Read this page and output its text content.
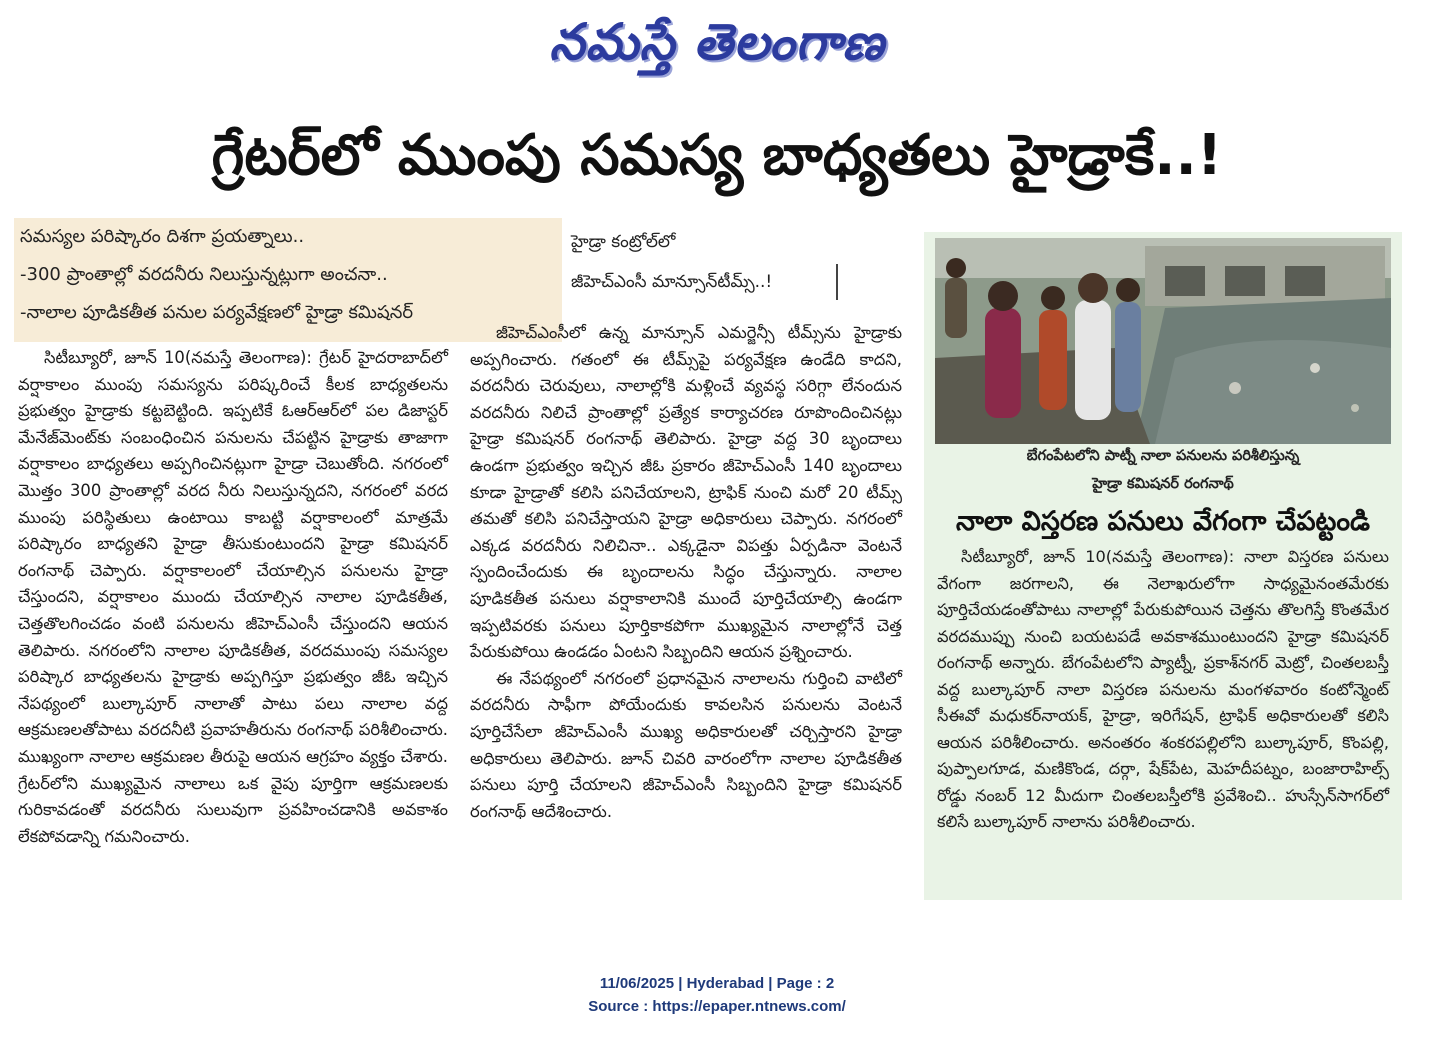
నమస్తే తెలంగాణ
గ్రేటర్‌లో ముంపు సమస్య బాధ్యతలు హైడ్రాకే..!
సమస్యల పరిష్కారం దిశగా ప్రయత్నాలు..
-300 ప్రాంతాల్లో వరదనీరు నిలుస్తున్నట్లుగా అంచనా..
-నాలాల పూడికతీత పనుల పర్యవేక్షణలో హైడ్రా కమిషనర్
హైడ్రా కంట్రోల్‌లో
జీహెచ్‌ఎంసీ మాన్సూన్‌టీమ్స్..!

సిటీబ్యూరో, జూన్ 10(నమస్తే తెలంగాణ): గ్రేటర్ హైదరాబాద్‌లో వర్షాకాలం ముంపు సమస్యను పరిష్కరించే కీలక బాధ్యతలను ప్రభుత్వం హైడ్రాకు కట్టబెట్టింది. ఇప్పటికే ఓఆర్ఆర్‌లో పల డిజాస్టర్ మేనేజ్‌మెంట్‌కు సంబంధించిన పనులను చేపట్టిన హైడ్రాకు తాజాగా వర్షాకాలం బాధ్యతలు అప్పగించినట్లుగా హైడ్రా చెబుతోంది. నగరంలో మొత్తం 300 ప్రాంతాల్లో వరద నీరు నిలుస్తున్నదని, నగరంలో వరద ముంపు పరిస్థితులు ఉంటాయి కాబట్టి వర్షాకాలంలో మాత్రమే పరిష్కారం బాధ్యతని హైడ్రా తీసుకుంటుందని హైడ్రా కమిషనర్ రంగనాథ్ చెప్పారు. వర్షాకాలంలో చేయాల్సిన పనులను హైడ్రా చేస్తుందని, వర్షాకాలం ముందు చేయాల్సిన నాలాల పూడికతీత, చెత్తతొలగించడం వంటి పనులను జీహెచ్‌ఎంసీ చేస్తుందని ఆయన తెలిపారు. నగరంలోని నాలాల పూడికతీత, వరదముంపు సమస్యల పరిష్కార బాధ్యతలను హైడ్రాకు అప్పగిస్తూ ప్రభుత్వం జీఓ ఇచ్చిన నేపథ్యంలో బుల్కాపూర్ నాలాతో పాటు పలు నాలాల వద్ద ఆక్రమణలతోపాటు వరదనీటి ప్రవాహతీరును రంగనాథ్ పరిశీలించారు. ముఖ్యంగా నాలాల ఆక్రమణల తీరుపై ఆయన ఆగ్రహం వ్యక్తం చేశారు. గ్రేటర్‌లోని ముఖ్యమైన నాలాలు ఒక వైపు పూర్తిగా ఆక్రమణలకు గురికావడంతో వరదనీరు సులువుగా ప్రవహించడానికి అవకాశం లేకపోవడాన్ని గమనించారు.

జీహెచ్‌ఎంసీలో ఉన్న మాన్సూన్ ఎమర్జెన్సీ టీమ్స్‌ను హైడ్రాకు అప్పగించారు. గతంలో ఈ టీమ్స్‌పై పర్యవేక్షణ ఉండేది కాదని, వరదనీరు చెరువులు, నాలాల్లోకి మళ్లించే వ్యవస్థ సరిగ్గా లేనందున వరదనీరు నిలిచే ప్రాంతాల్లో ప్రత్యేక కార్యాచరణ రూపొందించినట్లు హైడ్రా కమిషనర్ రంగనాథ్ తెలిపారు. హైడ్రా వద్ద 30 బృందాలు ఉండగా ప్రభుత్వం ఇచ్చిన జీఓ ప్రకారం జీహెచ్‌ఎంసీ 140 బృందాలు కూడా హైడ్రాతో కలిసి పనిచేయాలని, ట్రాఫిక్ నుంచి మరో 20 టీమ్స్ తమతో కలిసి పనిచేస్తాయని హైడ్రా అధికారులు చెప్పారు. నగరంలో ఎక్కడ వరదనీరు నిలిచినా.. ఎక్కడైనా విపత్తు ఏర్పడినా వెంటనే స్పందించేందుకు ఈ బృందాలను సిద్ధం చేస్తున్నారు. నాలాల పూడికతీత పనులు వర్షాకాలానికి ముందే పూర్తిచేయాల్సి ఉండగా ఇప్పటివరకు పనులు పూర్తికాకపోగా ముఖ్యమైన నాలాల్లోనే చెత్త పేరుకుపోయి ఉండడం ఏంటని సిబ్బందిని ఆయన ప్రశ్నించారు.

ఈ నేపథ్యంలో నగరంలో ప్రధానమైన నాలాలను గుర్తించి వాటిలో వరదనీరు సాఫీగా పోయేందుకు కావలసిన పనులను వెంటనే పూర్తిచేసేలా జీహెచ్‌ఎంసీ ముఖ్య అధికారులతో చర్చిస్తారని హైడ్రా అధికారులు తెలిపారు. జూన్ చివరి వారంలోగా నాలాల పూడికతీత పనులు పూర్తి చేయాలని జీహెచ్‌ఎంసీ సిబ్బందిని హైడ్రా కమిషనర్ రంగనాథ్ ఆదేశించారు.

బేగంపేటలోని పాట్నీ నాలా పనులను పరిశీలిస్తున్న
హైడ్రా కమిషనర్ రంగనాథ్
నాలా విస్తరణ పనులు వేగంగా చేపట్టండి

సిటీబ్యూరో, జూన్ 10(నమస్తే తెలంగాణ): నాలా విస్తరణ పనులు వేగంగా జరగాలని, ఈ నెలాఖరులోగా సాధ్యమైనంతమేరకు పూర్తిచేయడంతోపాటు నాలాల్లో పేరుకుపోయిన చెత్తను తొలగిస్తే కొంతమేర వరదముప్పు నుంచి బయటపడే అవకాశముంటుందని హైడ్రా కమిషనర్ రంగనాథ్ అన్నారు. బేగంపేటలోని ప్యాట్నీ, ప్రకాశ్‌నగర్ మెట్రో, చింతలబస్తీ వద్ద బుల్కాపూర్ నాలా విస్తరణ పనులను మంగళవారం కంటోన్మెంట్ సీఈవో మధుకర్‌నాయక్, హైడ్రా, ఇరిగేషన్, ట్రాఫిక్ అధికారులతో కలిసి ఆయన పరిశీలించారు. అనంతరం శంకరపల్లిలోని బుల్కాపూర్, కొంపల్లి, పుప్పాలగూడ, మణికొండ, దర్గా, షేక్‌పేట, మెహదీపట్నం, బంజారాహిల్స్ రోడ్డు నంబర్ 12 మీదుగా చింతలబస్తీలోకి ప్రవేశించి.. హుస్సేన్‌సాగర్‌లో కలిసే బుల్కాపూర్ నాలాను పరిశీలించారు.

11/06/2025 | Hyderabad | Page : 2
Source : https://epaper.ntnews.com/
